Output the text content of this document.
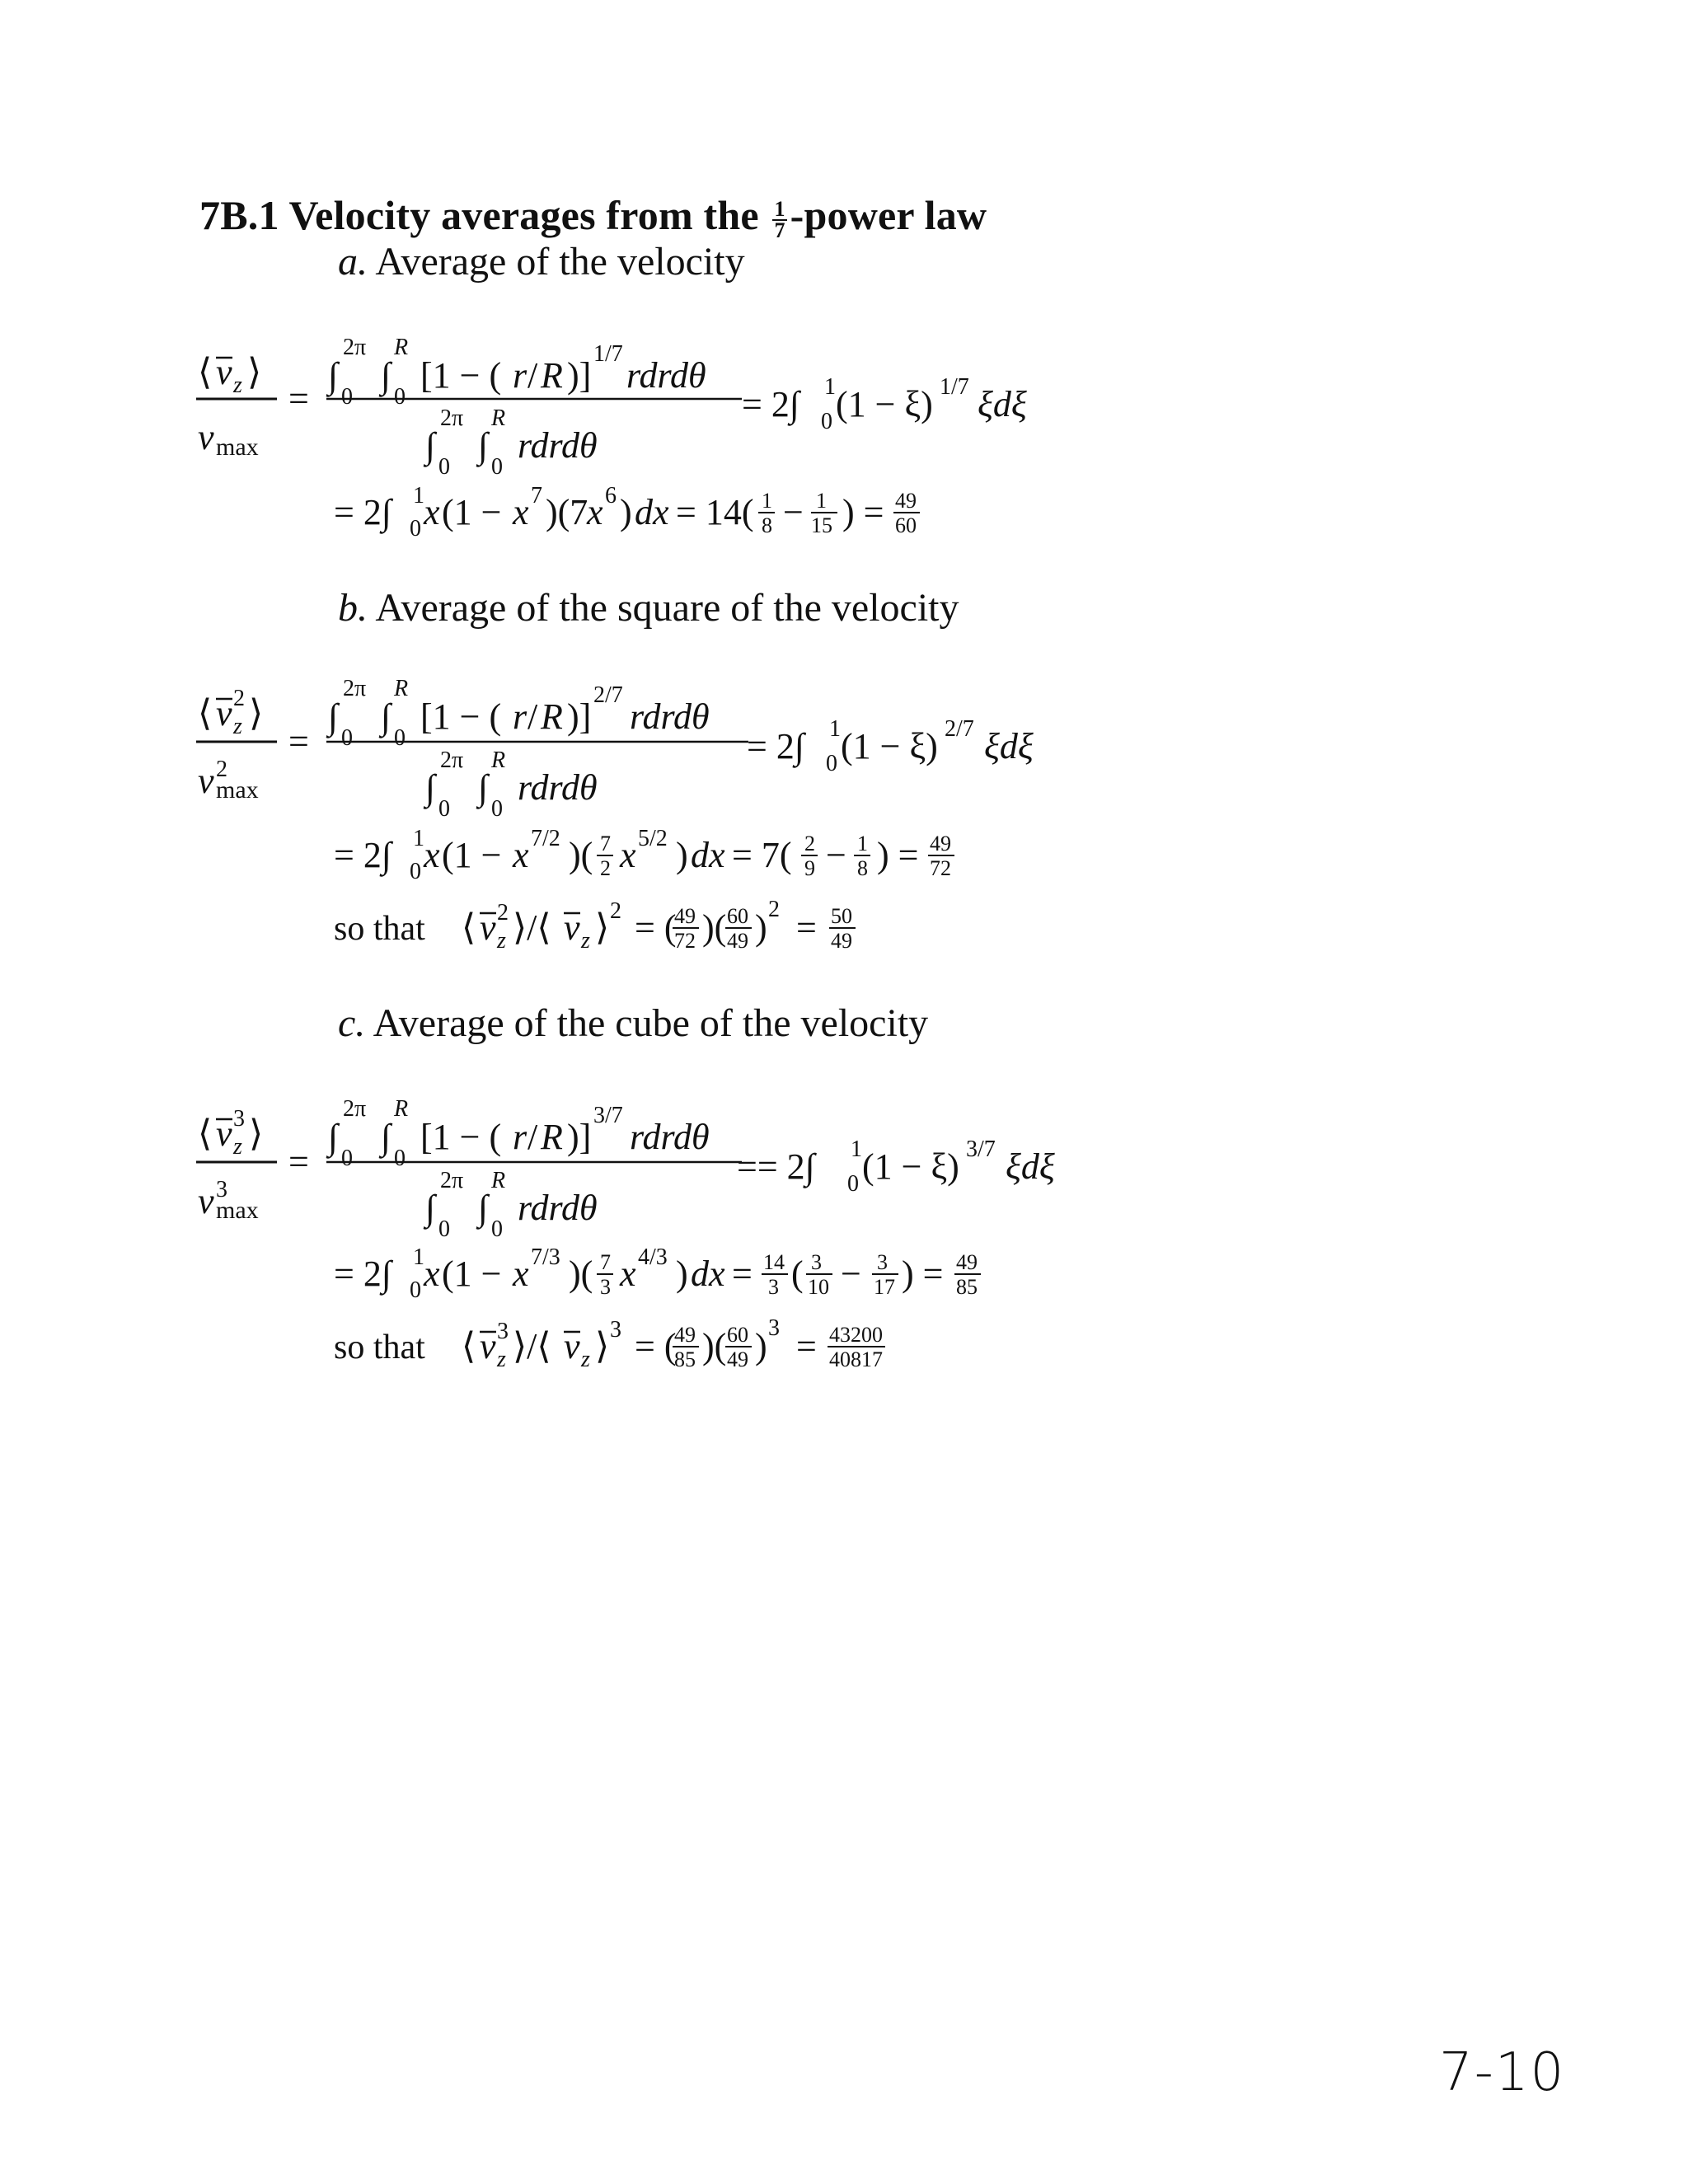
7B.1 Velocity averages from the $\frac{1}{7}$ -power law
a. Average of the velocity
⟨ v z ⟩
v max
=
∫
2π
0
∫
R
0
[1 − ( r / R )]
1/7
rdrdθ
∫
2π
0
∫
R
0
rdrdθ
= 2∫ 1
0 (1 − ξ) 1/7 ξdξ
= 2∫ 1
0 x (1 − x 7 )(7
x 6 ) dx = 14( 1
8 − 1
15 ) = 49
60
⟨ v 2
z ⟩
v 2
max
=
∫
2π
0
∫
R
0
[1 − ( r / R )]
2/7
rdrdθ
∫
2π
0
∫
R
0
rdrdθ
= 2∫ 1
0 (1 − ξ) 2/7 ξdξ
= 2∫ 1
0 x (1 − x 7/2 )( 7
2 x 5/2 ) dx = 7( 2
9 − 1
8 ) = 49
72
so that ⟨ v 2
z ⟩/⟨ v z ⟩ 2 = (
49
72 )( 60
49 ) 2 = 50
49
⟨ v 3
z ⟩
v 3
max
=
∫
2π
0
∫
R
0
[1 − ( r / R )]
3/7
rdrdθ
∫
2π
0
∫
R
0
rdrdθ
== 2∫ 1
0 (1 − ξ) 3/7 ξdξ
= 2∫ 1
0 x (1 − x 7/3 )( 7
3 x 4/3 ) dx = 14
3 ( 3
10 − 3
17 ) = 49
85
so that ⟨ v 3
z ⟩/⟨ v z ⟩ 3 = (
49
85 )( 60
49 ) 3 = 43200
40817
b. Average of the square of the velocity
c. Average of the cube of the velocity
7-10
